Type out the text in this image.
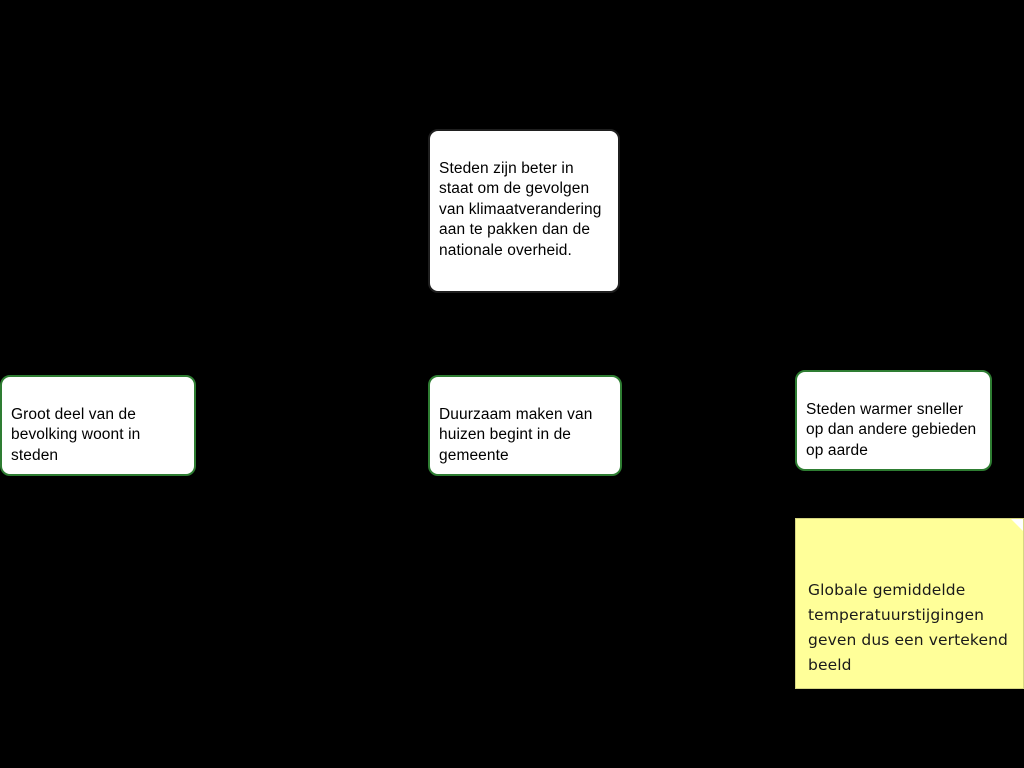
Steden zijn beter in staat om de gevolgen van klimaatverandering aan te pakken dan de nationale overheid.

Groot deel van de bevolking woont in steden

Duurzaam maken van huizen begint in de gemeente

Steden warmer sneller op dan andere gebieden op aarde

Globale gemiddelde temperatuurstijgingen geven dus een vertekend beeld
